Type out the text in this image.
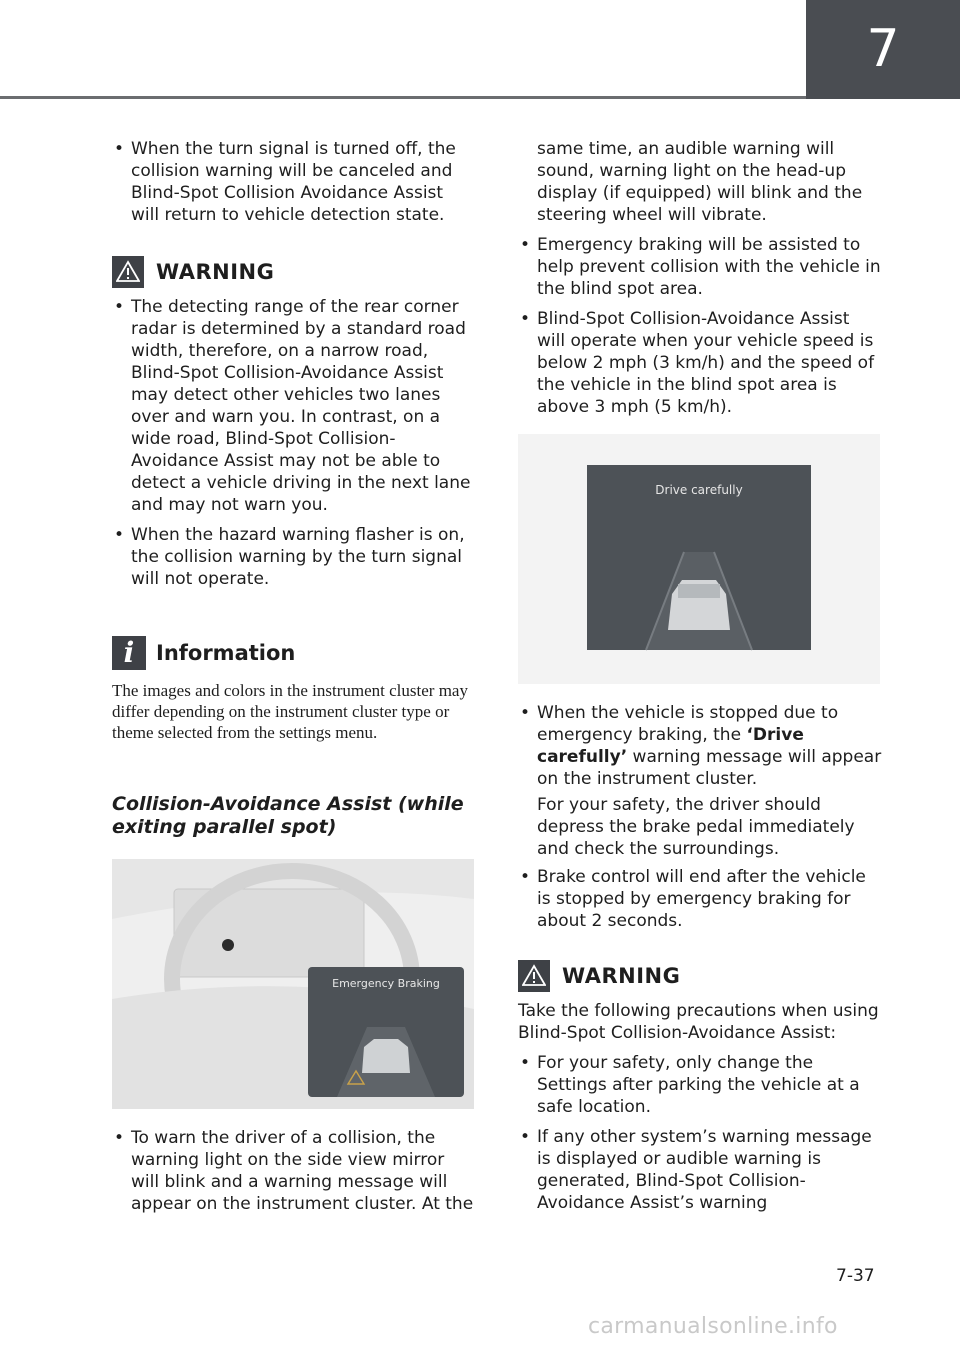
7
• When the turn signal is turned off, the collision warning will be canceled and Blind-Spot Collision Avoidance Assist will return to vehicle detection state.
WARNING
• The detecting range of the rear corner radar is determined by a standard road width, therefore, on a narrow road, Blind-Spot Collision-Avoidance Assist may detect other vehicles two lanes over and warn you. In contrast, on a wide road, Blind-Spot Collision-Avoidance Assist may not be able to detect a vehicle driving in the next lane and may not warn you.
• When the hazard warning flasher is on, the collision warning by the turn signal will not operate.
i	Information

The images and colors in the instrument cluster may differ depending on the instrument cluster type or theme selected from the settings menu.

Collision-Avoidance Assist (while exiting parallel spot)
Emergency Braking
• To warn the driver of a collision, the warning light on the side view mirror will blink and a warning message will appear on the instrument cluster. At the

same time, an audible warning will sound, warning light on the head-up display (if equipped) will blink and the steering wheel will vibrate.

• Emergency braking will be assisted to help prevent collision with the vehicle in the blind spot area.
• Blind-Spot Collision-Avoidance Assist will operate when your vehicle speed is below 2 mph (3 km/h) and the speed of the vehicle in the blind spot area is above 3 mph (5 km/h).
Drive carefully
• When the vehicle is stopped due to emergency braking, the ‘Drive carefully’ warning message will appear on the instrument cluster.

For your safety, the driver should depress the brake pedal immediately and check the surroundings.

• Brake control will end after the vehicle is stopped by emergency braking for about 2 seconds.
WARNING

Take the following precautions when using Blind-Spot Collision-Avoidance Assist:

• For your safety, only change the Settings after parking the vehicle at a safe location.
• If any other system’s warning message is displayed or audible warning is generated, Blind-Spot Collision-Avoidance Assist’s warning
7-37
carmanualsonline.info
